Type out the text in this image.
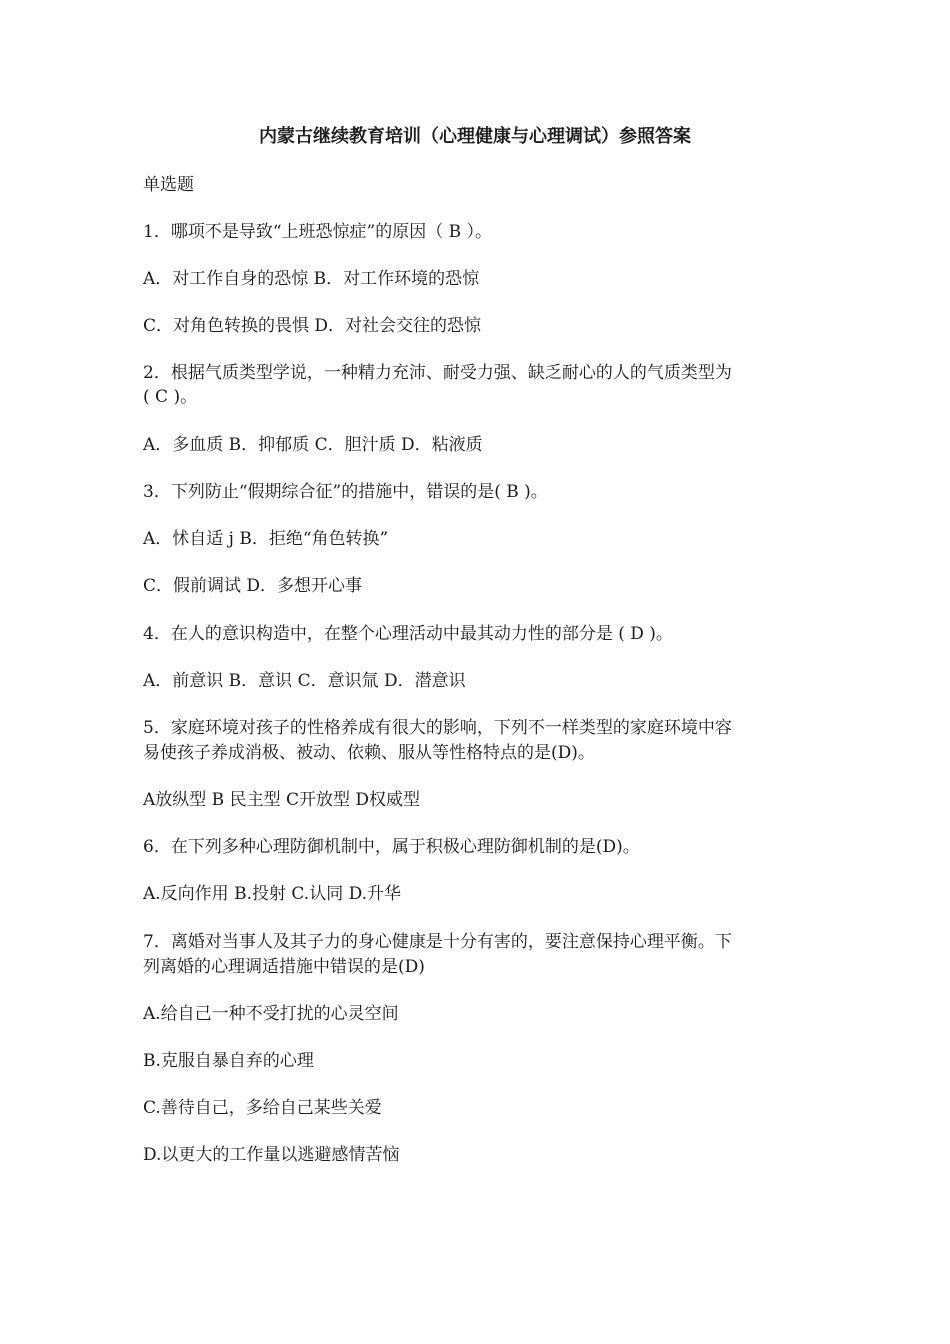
内蒙古继续教育培训（心理健康与心理调试）参照答案
单选题
1．哪项不是导致“上班恐惊症”的原因（ B ）。
A．对工作自身的恐惊 B．对工作环境的恐惊
C．对角色转换的畏惧 D．对社会交往的恐惊
2．根据气质类型学说，一种精力充沛、耐受力强、缺乏耐心的人的气质类型为
( C )。
A．多血质 B．抑郁质 C．胆汁质 D．粘液质
3．下列防止“假期综合征”的措施中，错误的是( B )。
A．怵自适 j B．拒绝“角色转换”
C．假前调试 D．多想开心事
4．在人的意识构造中，在整个心理活动中最其动力性的部分是 ( D )。
A．前意识 B．意识 C．意识氚 D．潜意识
5．家庭环境对孩子的性格养成有很大的影响，下列不一样类型的家庭环境中容
易使孩子养成消极、被动、依赖、服从等性格特点的是(D)。
A放纵型 B 民主型 C开放型 D权威型
6．在下列多种心理防御机制中，属于积极心理防御机制的是(D)。
A.反向作用 B.投射 C.认同 D.升华
7．离婚对当事人及其子力的身心健康是十分有害的，要注意保持心理平衡。下
列离婚的心理调适措施中错误的是(D)
A.给自己一种不受打扰的心灵空间
B.克服自暴自弃的心理
C.善待自己，多给自己某些关爱
D.以更大的工作量以逃避感情苦恼
